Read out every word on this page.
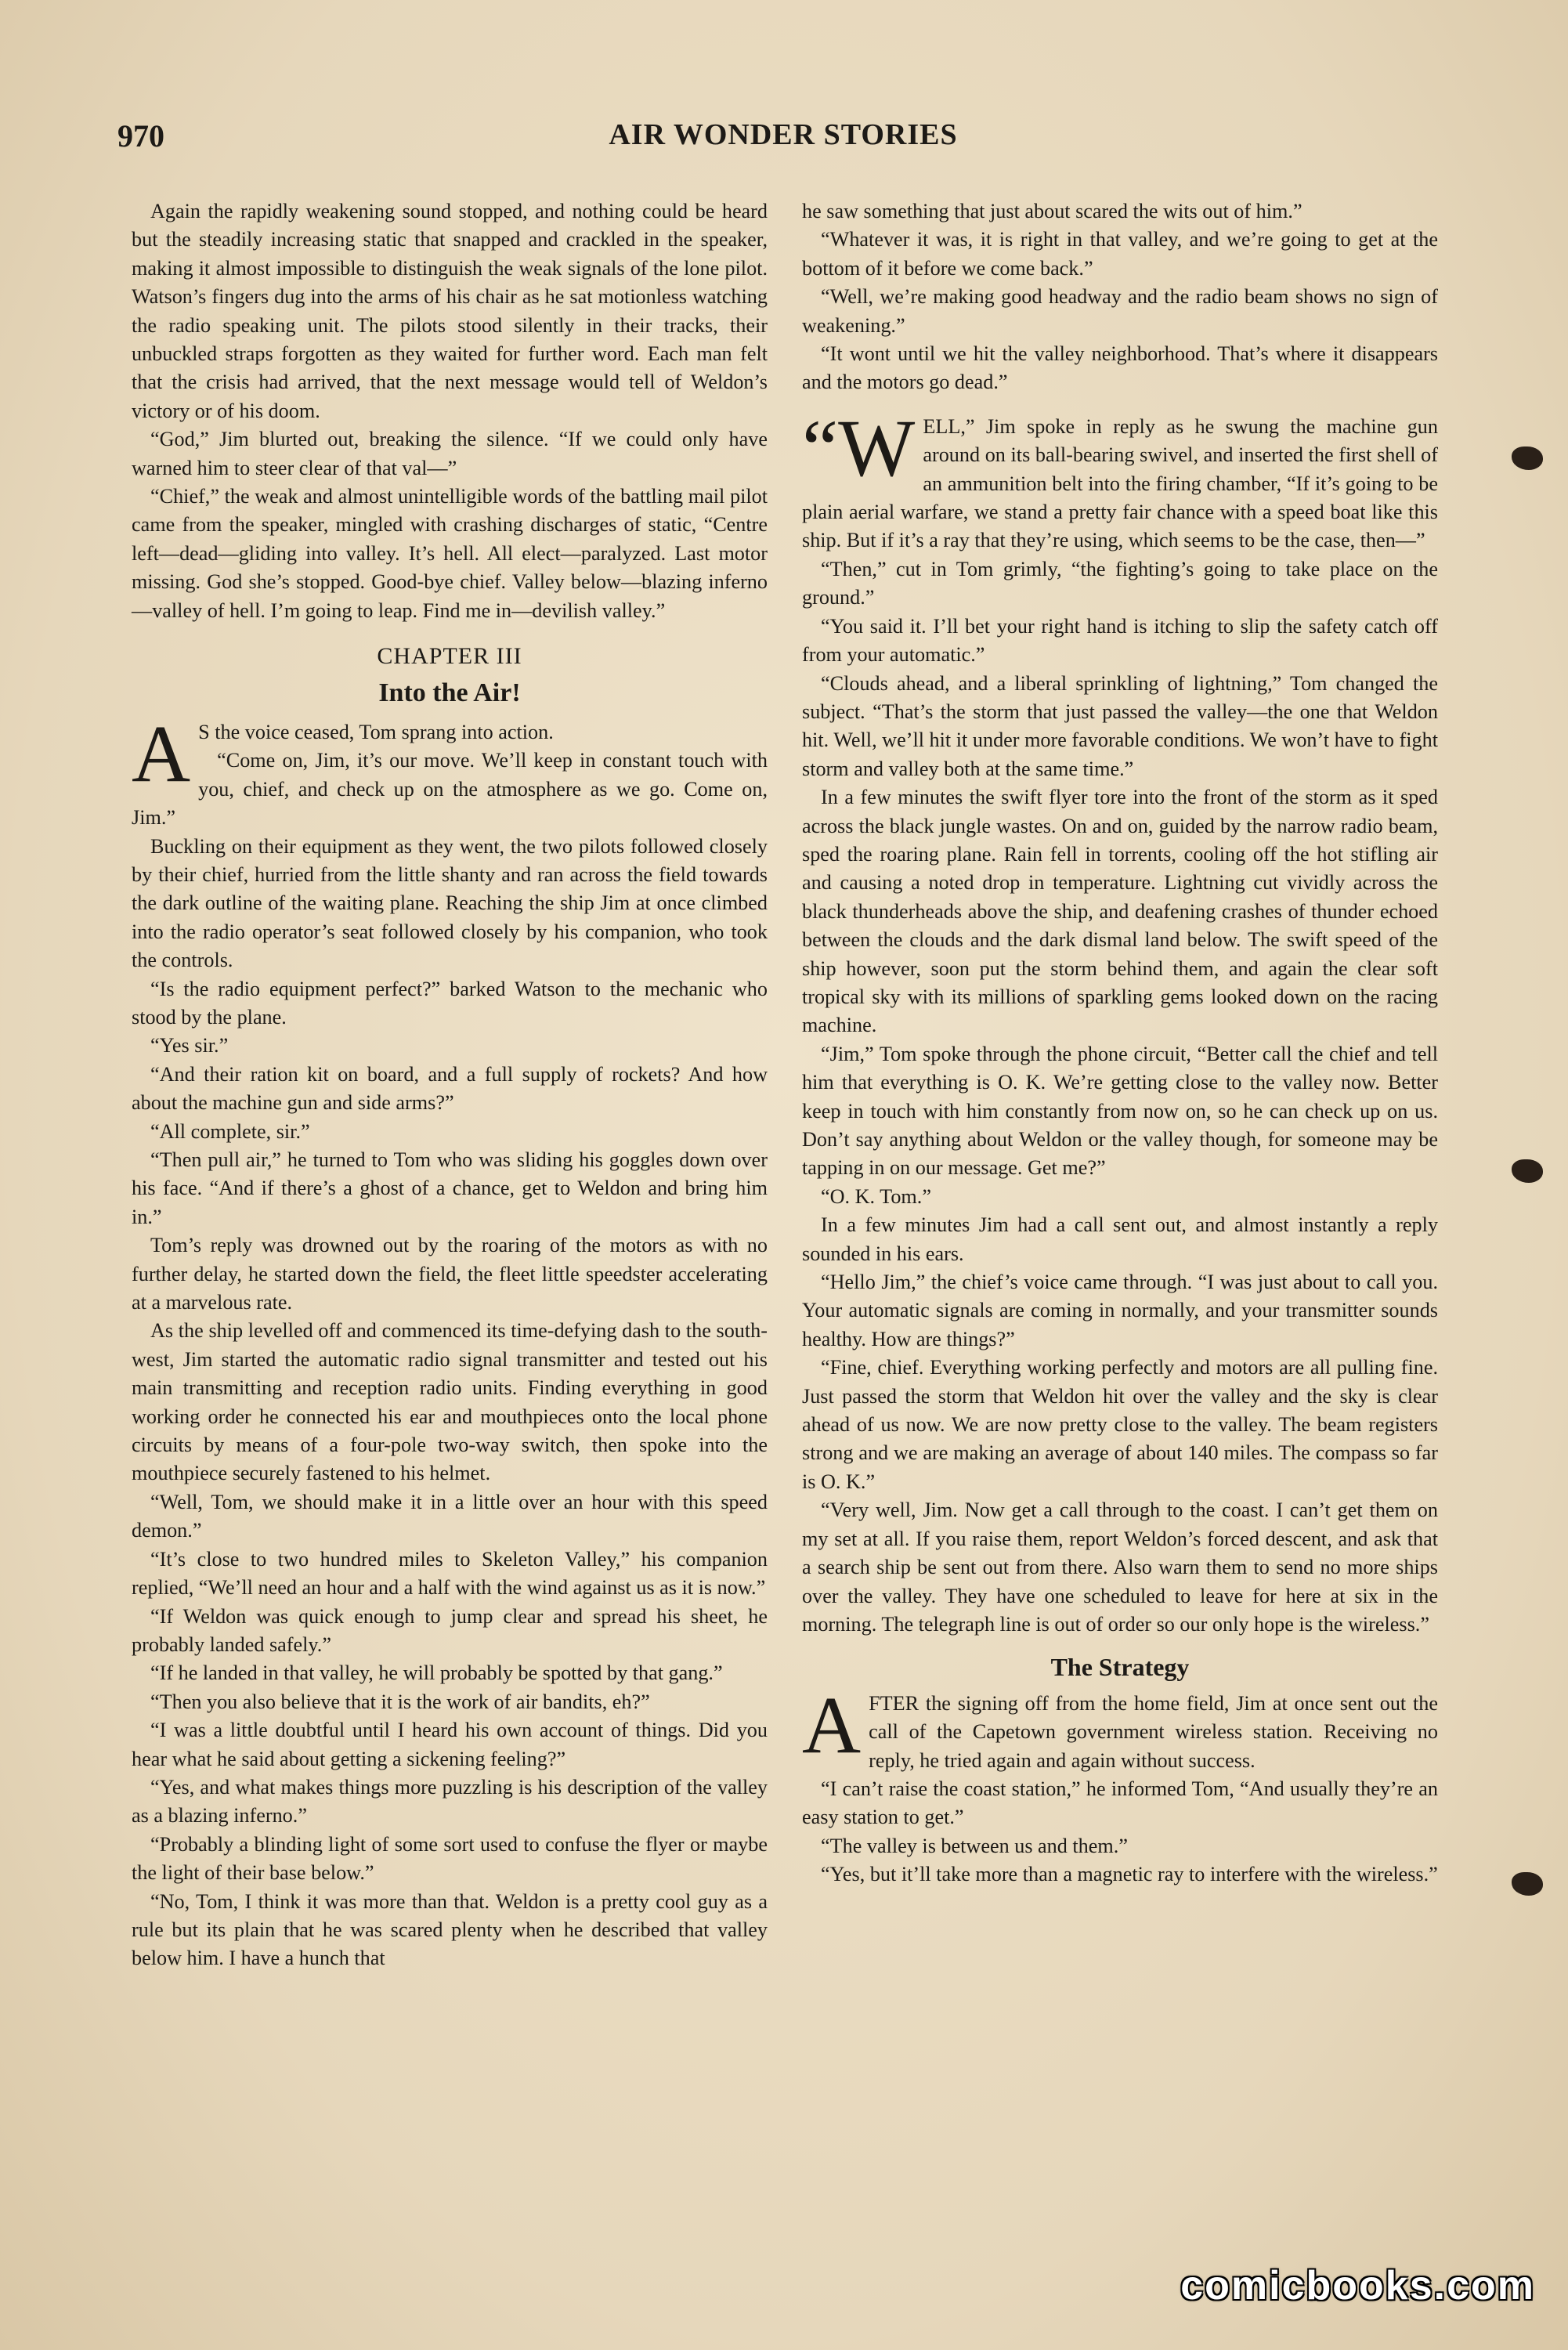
970	AIR WONDER STORIES

Again the rapidly weakening sound stopped, and nothing could be heard but the steadily increasing static that snapped and crackled in the speaker, making it almost impossible to distinguish the weak signals of the lone pilot. Watson’s fingers dug into the arms of his chair as he sat motionless watching the radio speaking unit. The pilots stood silently in their tracks, their unbuckled straps forgotten as they waited for further word. Each man felt that the crisis had arrived, that the next message would tell of Weldon’s victory or of his doom.

“God,” Jim blurted out, breaking the silence. “If we could only have warned him to steer clear of that val—”

“Chief,” the weak and almost unintelligible words of the battling mail pilot came from the speaker, mingled with crashing discharges of static, “Centre left—dead—gliding into valley. It’s hell. All elect—paralyzed. Last motor missing. God she’s stopped. Good-bye chief. Valley below—blazing inferno—valley of hell. I’m going to leap. Find me in—devilish valley.”

CHAPTER III
Into the Air!

A S the voice ceased, Tom sprang into action.

“Come on, Jim, it’s our move. We’ll keep in constant touch with you, chief, and check up on the atmosphere as we go. Come on, Jim.”

Buckling on their equipment as they went, the two pilots followed closely by their chief, hurried from the little shanty and ran across the field towards the dark outline of the waiting plane. Reaching the ship Jim at once climbed into the radio operator’s seat followed closely by his companion, who took the controls.

“Is the radio equipment perfect?” barked Watson to the mechanic who stood by the plane.

“Yes sir.”

“And their ration kit on board, and a full supply of rockets? And how about the machine gun and side arms?”

“All complete, sir.”

“Then pull air,” he turned to Tom who was sliding his goggles down over his face. “And if there’s a ghost of a chance, get to Weldon and bring him in.”

Tom’s reply was drowned out by the roaring of the motors as with no further delay, he started down the field, the fleet little speedster accelerating at a marvelous rate.

As the ship levelled off and commenced its time-defying dash to the south-west, Jim started the automatic radio signal transmitter and tested out his main transmitting and reception radio units. Finding everything in good working order he connected his ear and mouthpieces onto the local phone circuits by means of a four-pole two-way switch, then spoke into the mouthpiece securely fastened to his helmet.

“Well, Tom, we should make it in a little over an hour with this speed demon.”

“It’s close to two hundred miles to Skeleton Valley,” his companion replied, “We’ll need an hour and a half with the wind against us as it is now.”

“If Weldon was quick enough to jump clear and spread his sheet, he probably landed safely.”

“If he landed in that valley, he will probably be spotted by that gang.”

“Then you also believe that it is the work of air bandits, eh?”

“I was a little doubtful until I heard his own account of things. Did you hear what he said about getting a sickening feeling?”

“Yes, and what makes things more puzzling is his description of the valley as a blazing inferno.”

“Probably a blinding light of some sort used to confuse the flyer or maybe the light of their base below.”

“No, Tom, I think it was more than that. Weldon is a pretty cool guy as a rule but its plain that he was scared plenty when he described that valley below him. I have a hunch that

he saw something that just about scared the wits out of him.”

“Whatever it was, it is right in that valley, and we’re going to get at the bottom of it before we come back.”

“Well, we’re making good headway and the radio beam shows no sign of weakening.”

“It wont until we hit the valley neighborhood. That’s where it disappears and the motors go dead.”

“W ELL,” Jim spoke in reply as he swung the machine gun around on its ball-bearing swivel, and inserted the first shell of an ammunition belt into the firing chamber, “If it’s going to be plain aerial warfare, we stand a pretty fair chance with a speed boat like this ship. But if it’s a ray that they’re using, which seems to be the case, then—”

“Then,” cut in Tom grimly, “the fighting’s going to take place on the ground.”

“You said it. I’ll bet your right hand is itching to slip the safety catch off from your automatic.”

“Clouds ahead, and a liberal sprinkling of lightning,” Tom changed the subject. “That’s the storm that just passed the valley—the one that Weldon hit. Well, we’ll hit it under more favorable conditions. We won’t have to fight storm and valley both at the same time.”

In a few minutes the swift flyer tore into the front of the storm as it sped across the black jungle wastes. On and on, guided by the narrow radio beam, sped the roaring plane. Rain fell in torrents, cooling off the hot stifling air and causing a noted drop in temperature. Lightning cut vividly across the black thunderheads above the ship, and deafening crashes of thunder echoed between the clouds and the dark dismal land below. The swift speed of the ship however, soon put the storm behind them, and again the clear soft tropical sky with its millions of sparkling gems looked down on the racing machine.

“Jim,” Tom spoke through the phone circuit, “Better call the chief and tell him that everything is O. K. We’re getting close to the valley now. Better keep in touch with him constantly from now on, so he can check up on us. Don’t say anything about Weldon or the valley though, for someone may be tapping in on our message. Get me?”

“O. K. Tom.”

In a few minutes Jim had a call sent out, and almost instantly a reply sounded in his ears.

“Hello Jim,” the chief’s voice came through. “I was just about to call you. Your automatic signals are coming in normally, and your transmitter sounds healthy. How are things?”

“Fine, chief. Everything working perfectly and motors are all pulling fine. Just passed the storm that Weldon hit over the valley and the sky is clear ahead of us now. We are now pretty close to the valley. The beam registers strong and we are making an average of about 140 miles. The compass so far is O. K.”

“Very well, Jim. Now get a call through to the coast. I can’t get them on my set at all. If you raise them, report Weldon’s forced descent, and ask that a search ship be sent out from there. Also warn them to send no more ships over the valley. They have one scheduled to leave for here at six in the morning. The telegraph line is out of order so our only hope is the wireless.”

The Strategy

AFTER the signing off from the home field, Jim at once sent out the call of the Capetown government wireless station. Receiving no reply, he tried again and again without success.

“I can’t raise the coast station,” he informed Tom, “And usually they’re an easy station to get.”

“The valley is between us and them.”

“Yes, but it’ll take more than a magnetic ray to interfere with the wireless.”

comicbooks.com
